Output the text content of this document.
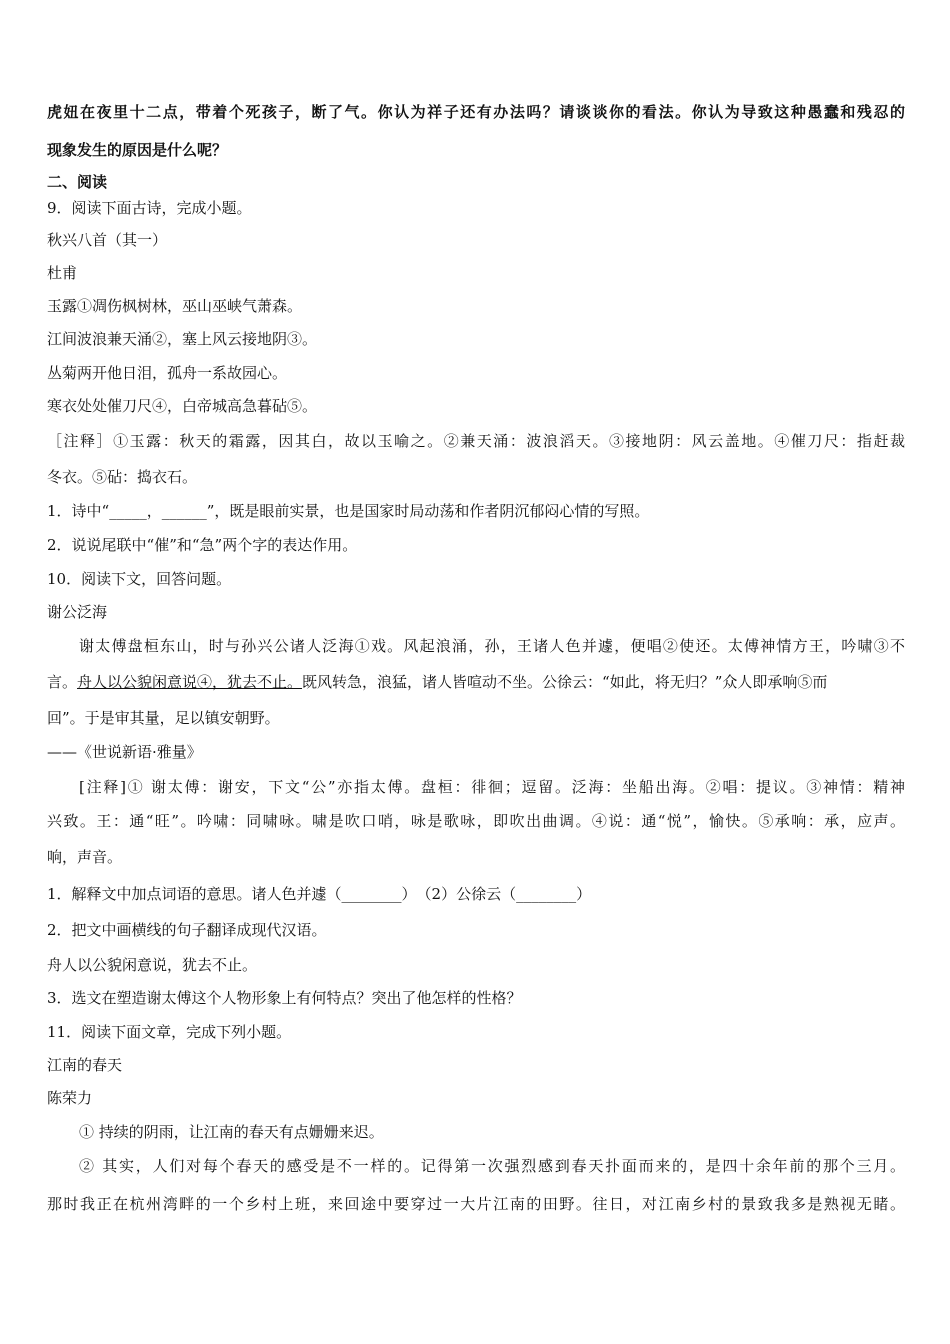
虎妞在夜里十二点，带着个死孩子，断了气。你认为祥子还有办法吗？请谈谈你的看法。你认为导致这种愚蠢和残忍的
现象发生的原因是什么呢？
二、阅读
9．阅读下面古诗，完成小题。
秋兴八首（其一）
杜甫
玉露①凋伤枫树林，巫山巫峡气萧森。
江间波浪兼天涌②，塞上风云接地阴③。
丛菊两开他日泪，孤舟一系故园心。
寒衣处处催刀尺④，白帝城高急暮砧⑤。
［注释］①玉露：秋天的霜露，因其白，故以玉喻之。②兼天涌：波浪滔天。③接地阴：风云盖地。④催刀尺：指赶裁
冬衣。⑤砧：捣衣石。
1．诗中“_____，______”，既是眼前实景，也是国家时局动荡和作者阴沉郁闷心情的写照。
2．说说尾联中“催”和“急”两个字的表达作用。
10．阅读下文，回答问题。
谢公泛海
谢太傅盘桓东山，时与孙兴公诸人泛海①戏。风起浪涌，孙，王诸人色并遽，便唱②使还。太傅神情方王，吟啸③不
言。舟人以公貌闲意说④，犹去不止。既风转急，浪猛，诸人皆喧动不坐。公徐云：“如此，将无归？”众人即承响⑤而
回”。于是审其量，足以镇安朝野。
——《世说新语·雅量》
[注释]① 谢太傅：谢安，下文“公”亦指太傅。盘桓：徘徊；逗留。泛海：坐船出海。②唱：提议。③神情：精神
兴致。王：通“旺”。吟啸：同啸咏。啸是吹口哨，咏是歌咏，即吹出曲调。④说：通“悦”，愉快。⑤承响：承，应声。
响，声音。
1．解释文中加点词语的意思。诸人色并遽（________）　（2）公徐云（________）
2．把文中画横线的句子翻译成现代汉语。
舟人以公貌闲意说，犹去不止。
3．选文在塑造谢太傅这个人物形象上有何特点？突出了他怎样的性格？
11．阅读下面文章，完成下列小题。
江南的春天
陈荣力
① 持续的阴雨，让江南的春天有点姗姗来迟。
② 其实，人们对每个春天的感受是不一样的。记得第一次强烈感到春天扑面而来的，是四十余年前的那个三月。
那时我正在杭州湾畔的一个乡村上班，来回途中要穿过一大片江南的田野。往日，对江南乡村的景致我多是熟视无睹。
